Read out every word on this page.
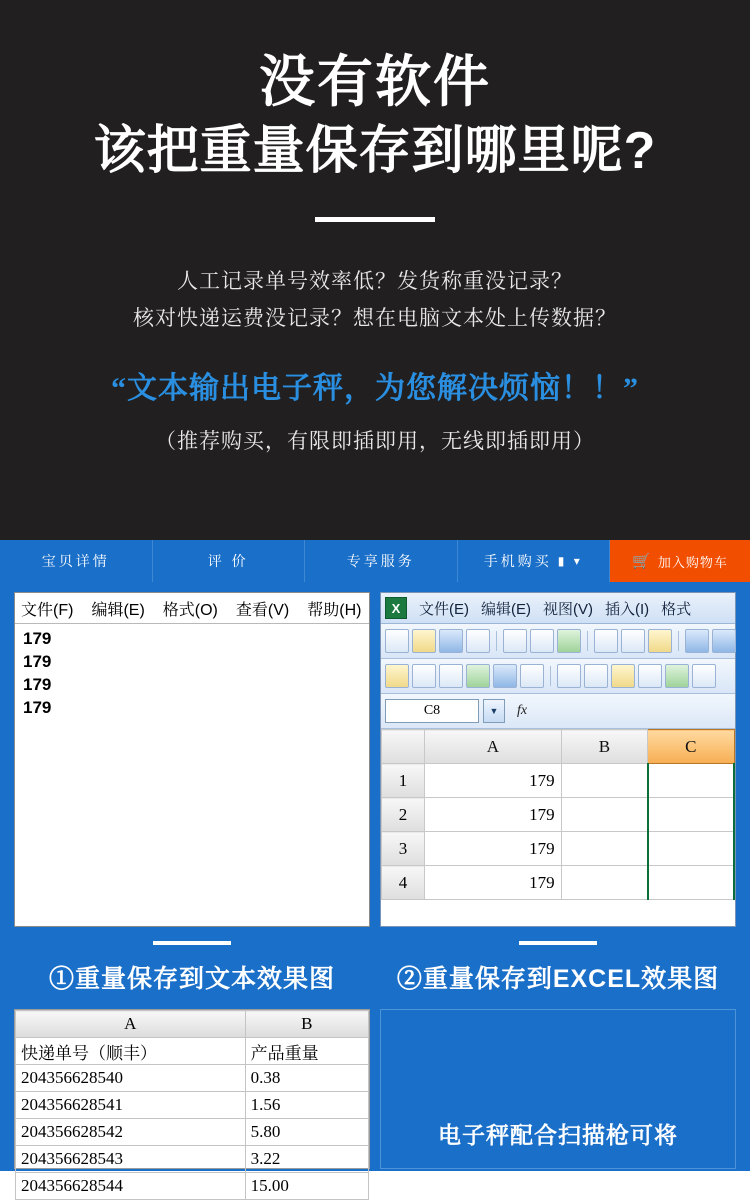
没有软件
该把重量保存到哪里呢?
人工记录单号效率低？发货称重没记录？
核对快递运费没记录？想在电脑文本处上传数据？
“文本输出电子秤，为您解决烦恼！！”
（推荐购买，有限即插即用，无线即插即用）
宝贝详情	评 价	专享服务	手机购买 ▮ ▾	🛒 加入购物车
文件(F) 编辑(E) 格式(O) 查看(V) 帮助(H)
179
179
179
179
X	文件(E) 编辑(E) 视图(V) 插入(I) 格式
C8	▼	fx
	A	B	C
1	179		
2	179		
3	179		
4	179		
①重量保存到文本效果图	②重量保存到EXCEL效果图
A	B
快递单号（顺丰）	产品重量
204356628540	0.38
204356628541	1.56
204356628542	5.80
204356628543	3.22
204356628544	15.00
电子秤配合扫描枪可将
